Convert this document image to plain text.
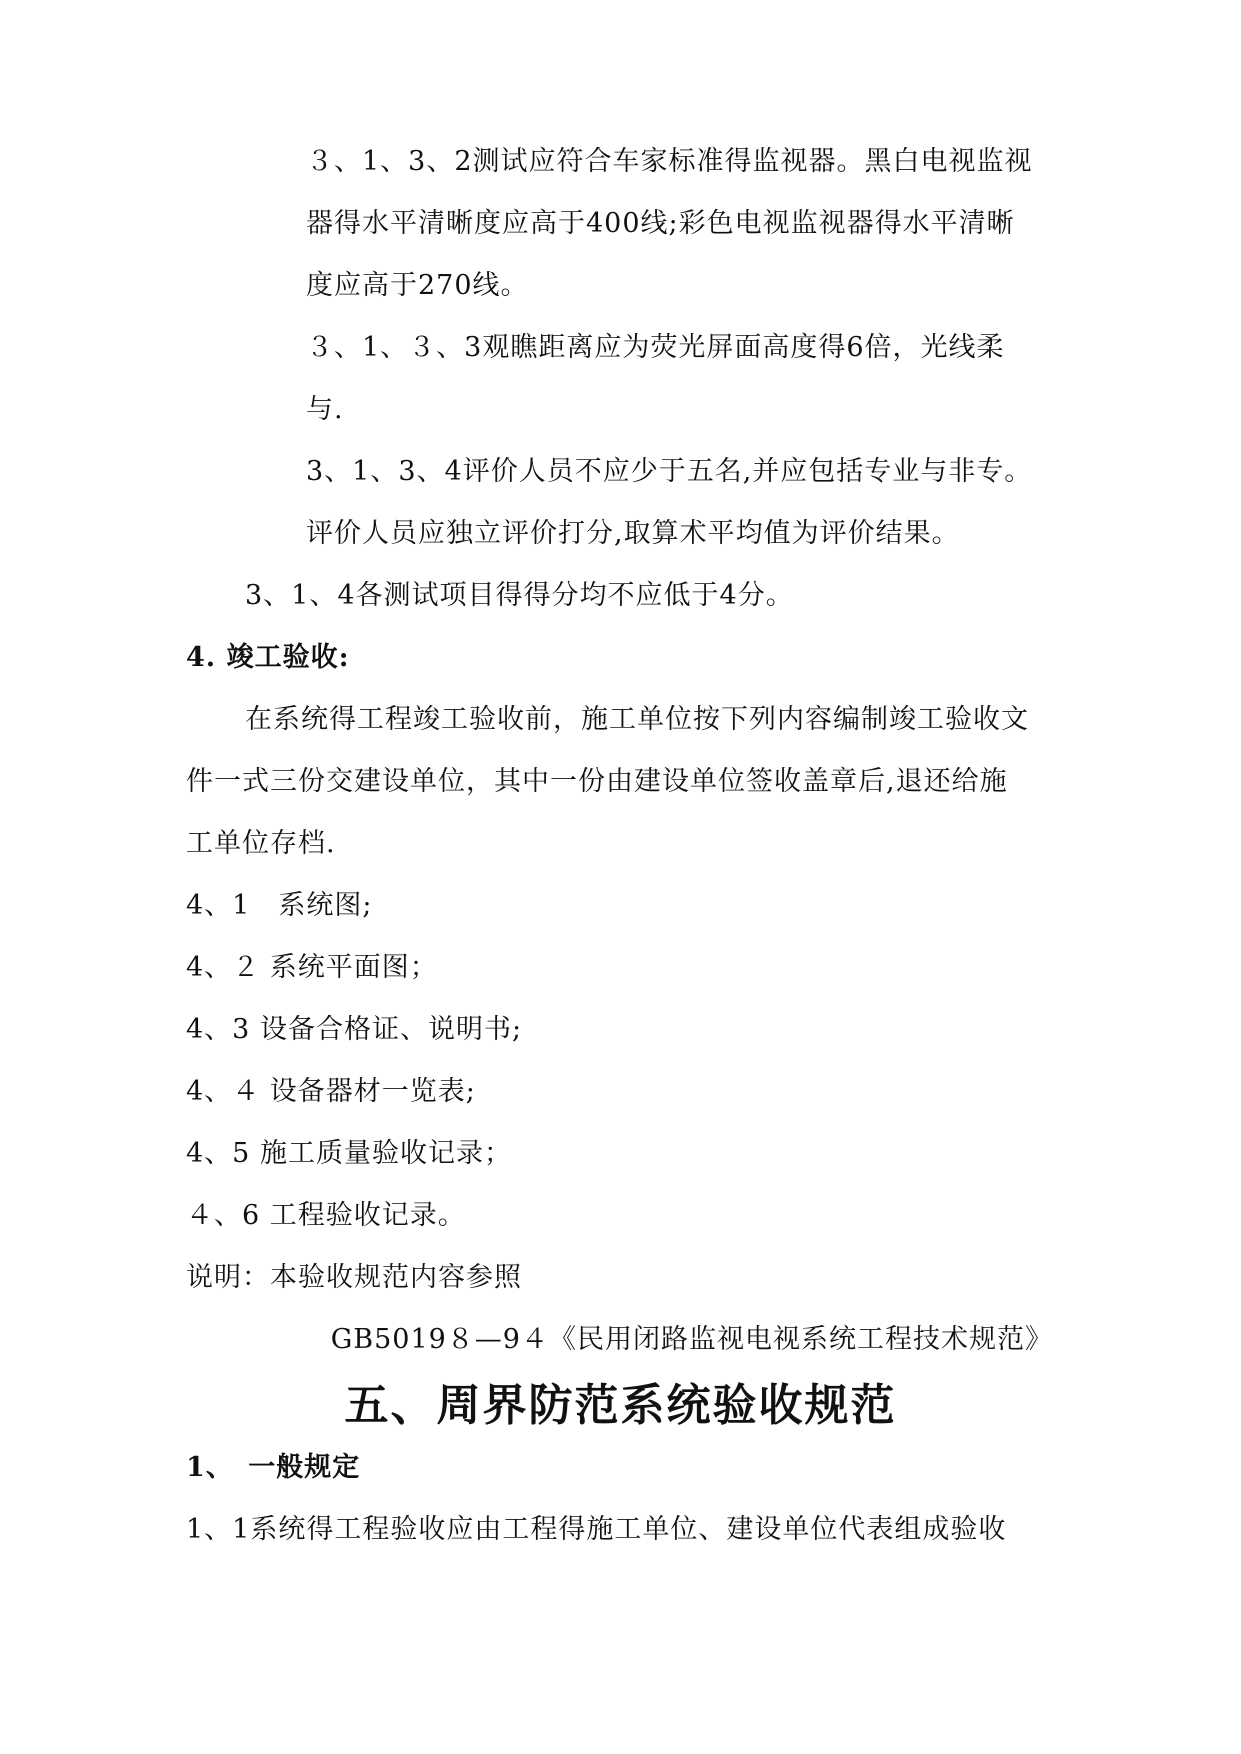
３、1、3、2测试应符合车家标准得监视器。黑白电视监视
器得水平清晰度应高于400线;彩色电视监视器得水平清晰
度应高于270线。
３、1、３、3观瞧距离应为荧光屏面高度得6倍，光线柔
与.
3、1、3、4评价人员不应少于五名,并应包括专业与非专。
评价人员应独立评价打分,取算术平均值为评价结果。
3、1、4各测试项目得得分均不应低于4分。
4. 竣工验收:
在系统得工程竣工验收前，施工单位按下列内容编制竣工验收文
件一式三份交建设单位，其中一份由建设单位签收盖章后,退还给施
工单位存档.
4、1　系统图;
4、２ 系统平面图；
4、3 设备合格证、说明书;
4、４ 设备器材一览表;
4、5 施工质量验收记录；
４、6 工程验收记录。
说明：本验收规范内容参照
GB5019８—9４《民用闭路监视电视系统工程技术规范》
五、周界防范系统验收规范
1、　一般规定
1、1系统得工程验收应由工程得施工单位、建设单位代表组成验收
